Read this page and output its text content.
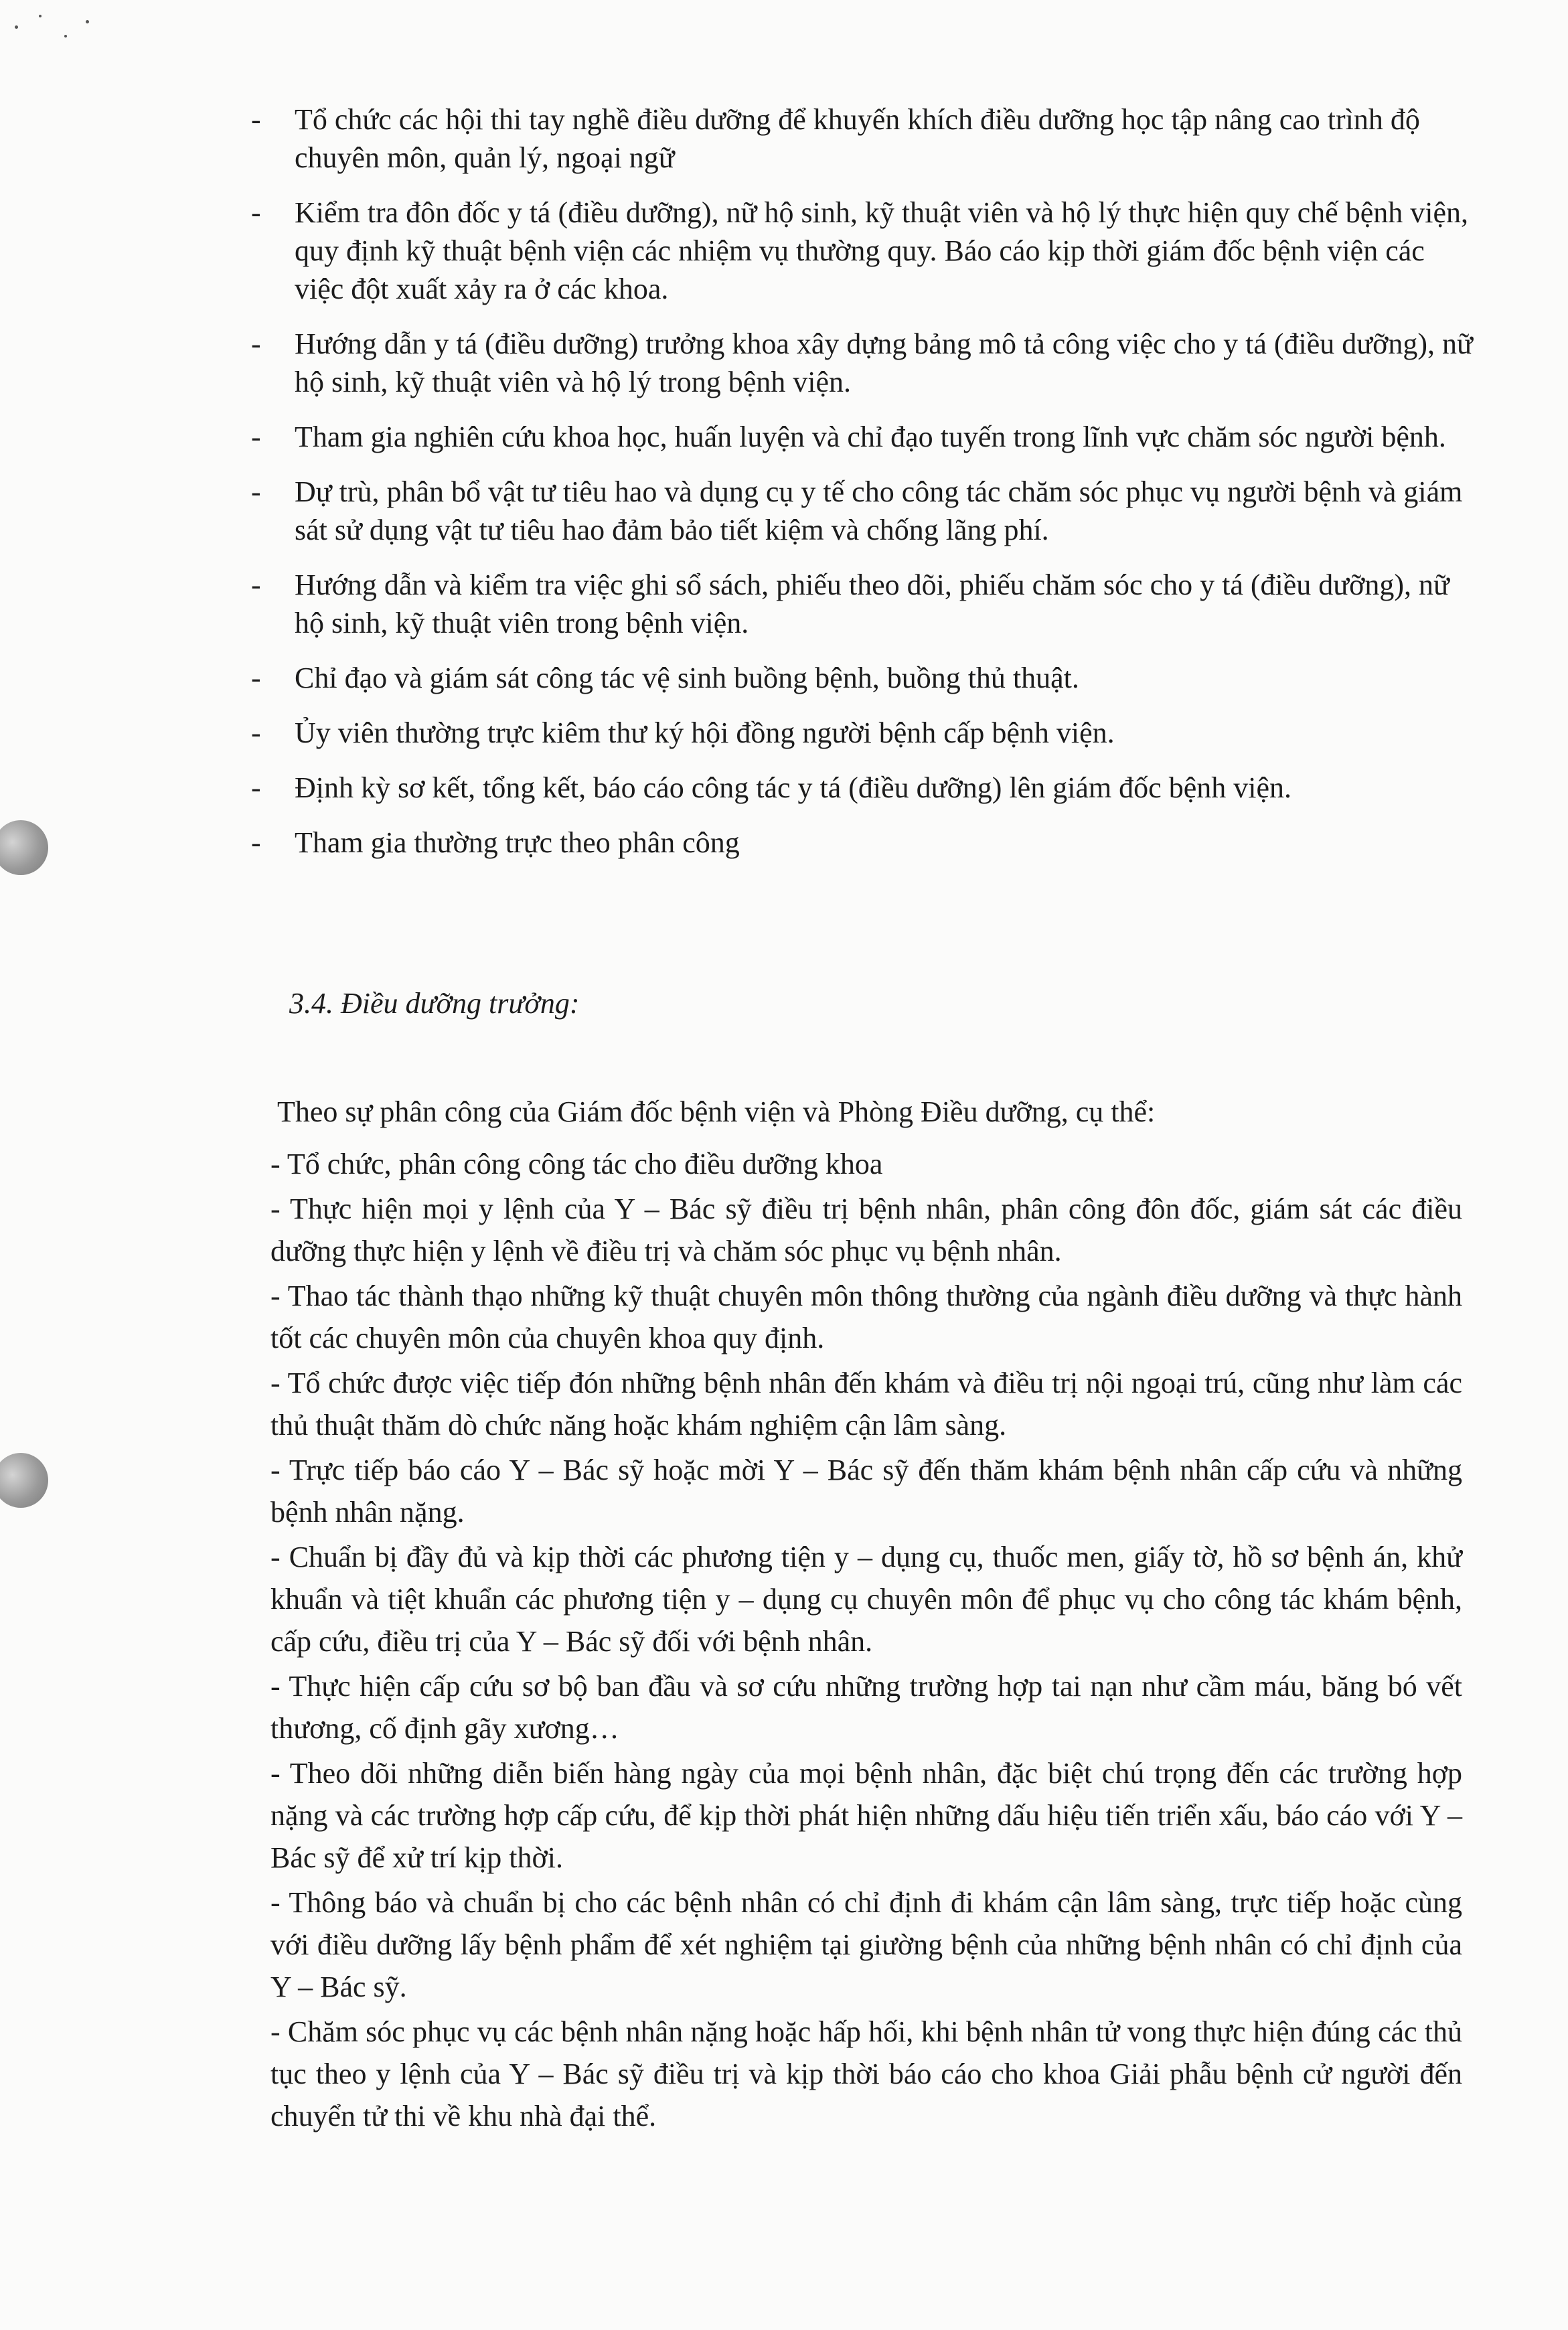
- Tổ chức các hội thi tay nghề điều dưỡng để khuyến khích điều dưỡng học tập nâng cao trình độ chuyên môn, quản lý, ngoại ngữ
- Kiểm tra đôn đốc y tá (điều dưỡng), nữ hộ sinh, kỹ thuật viên và hộ lý thực hiện quy chế bệnh viện, quy định kỹ thuật bệnh viện các nhiệm vụ thường quy. Báo cáo kịp thời giám đốc bệnh viện các việc đột xuất xảy ra ở các khoa.
- Hướng dẫn y tá (điều dưỡng) trưởng khoa xây dựng bảng mô tả công việc cho y tá (điều dưỡng), nữ hộ sinh, kỹ thuật viên và hộ lý trong bệnh viện.
- Tham gia nghiên cứu khoa học, huấn luyện và chỉ đạo tuyến trong lĩnh vực chăm sóc người bệnh.
- Dự trù, phân bổ vật tư tiêu hao và dụng cụ y tế cho công tác chăm sóc phục vụ người bệnh và giám sát sử dụng vật tư tiêu hao đảm bảo tiết kiệm và chống lãng phí.
- Hướng dẫn và kiểm tra việc ghi sổ sách, phiếu theo dõi, phiếu chăm sóc cho y tá (điều dưỡng), nữ hộ sinh, kỹ thuật viên trong bệnh viện.
- Chỉ đạo và giám sát công tác vệ sinh buồng bệnh, buồng thủ thuật.
- Ủy viên thường trực kiêm thư ký hội đồng người bệnh cấp bệnh viện.
- Định kỳ sơ kết, tổng kết, báo cáo công tác y tá (điều dưỡng) lên giám đốc bệnh viện.
- Tham gia thường trực theo phân công
3.4. Điều dưỡng trưởng:

Theo sự phân công của Giám đốc bệnh viện và Phòng Điều dưỡng, cụ thể:

- Tổ chức, phân công công tác cho điều dưỡng khoa

- Thực hiện mọi y lệnh của Y – Bác sỹ điều trị bệnh nhân, phân công đôn đốc, giám sát các điều dưỡng thực hiện y lệnh về điều trị và chăm sóc phục vụ bệnh nhân.

- Thao tác thành thạo những kỹ thuật chuyên môn thông thường của ngành điều dưỡng và thực hành tốt các chuyên môn của chuyên khoa quy định.

- Tổ chức được việc tiếp đón những bệnh nhân đến khám và điều trị nội ngoại trú, cũng như làm các thủ thuật thăm dò chức năng hoặc khám nghiệm cận lâm sàng.

- Trực tiếp báo cáo Y – Bác sỹ hoặc mời Y – Bác sỹ đến thăm khám bệnh nhân cấp cứu và những bệnh nhân nặng.

- Chuẩn bị đầy đủ và kịp thời các phương tiện y – dụng cụ, thuốc men, giấy tờ, hồ sơ bệnh án, khử khuẩn và tiệt khuẩn các phương tiện y – dụng cụ chuyên môn để phục vụ cho công tác khám bệnh, cấp cứu, điều trị của Y – Bác sỹ đối với bệnh nhân.

- Thực hiện cấp cứu sơ bộ ban đầu và sơ cứu những trường hợp tai nạn như cầm máu, băng bó vết thương, cố định gãy xương…

- Theo dõi những diễn biến hàng ngày của mọi bệnh nhân, đặc biệt chú trọng đến các trường hợp nặng và các trường hợp cấp cứu, để kịp thời phát hiện những dấu hiệu tiến triển xấu, báo cáo với Y – Bác sỹ để xử trí kịp thời.

- Thông báo và chuẩn bị cho các bệnh nhân có chỉ định đi khám cận lâm sàng, trực tiếp hoặc cùng với điều dưỡng lấy bệnh phẩm để xét nghiệm tại giường bệnh của những bệnh nhân có chỉ định của Y – Bác sỹ.

- Chăm sóc phục vụ các bệnh nhân nặng hoặc hấp hối, khi bệnh nhân tử vong thực hiện đúng các thủ tục theo y lệnh của Y – Bác sỹ điều trị và kịp thời báo cáo cho khoa Giải phẫu bệnh cử người đến chuyển tử thi về khu nhà đại thể.
